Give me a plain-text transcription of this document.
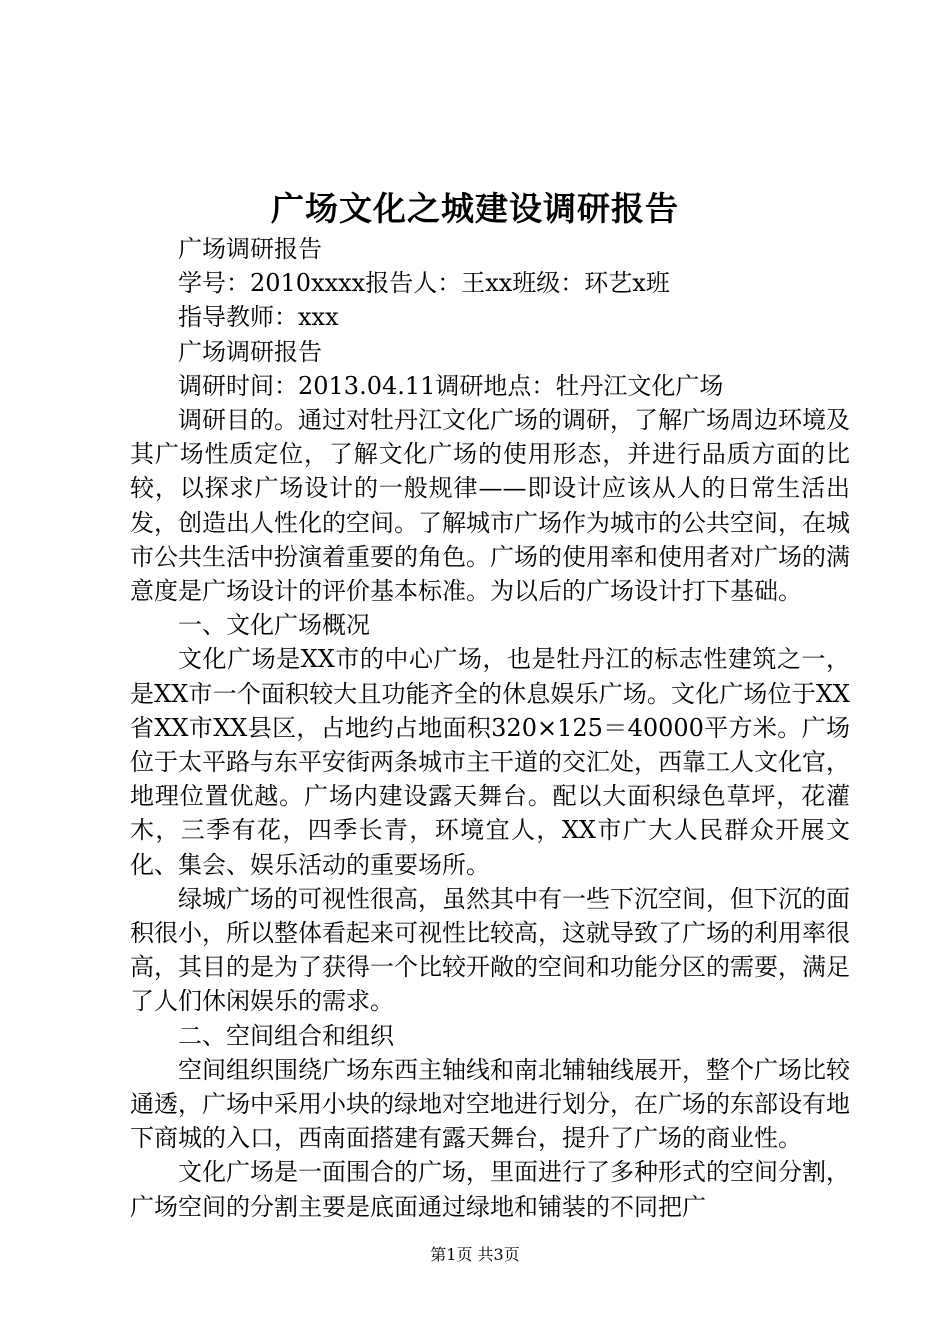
广场文化之城建设调研报告

广场调研报告

学号：2010xxxx报告人：王xx班级：环艺x班

指导教师：xxx

广场调研报告

调研时间：2013.04.11调研地点：牡丹江文化广场

调研目的。通过对牡丹江文化广场的调研，了解广场周边环境及其广场性质定位，了解文化广场的使用形态，并进行品质方面的比较，以探求广场设计的一般规律——即设计应该从人的日常生活出发，创造出人性化的空间。了解城市广场作为城市的公共空间，在城市公共生活中扮演着重要的角色。广场的使用率和使用者对广场的满意度是广场设计的评价基本标准。为以后的广场设计打下基础。

一、文化广场概况

文化广场是XX市的中心广场，也是牡丹江的标志性建筑之一，是XX市一个面积较大且功能齐全的休息娱乐广场。文化广场位于XX省XX市XX县区，占地约占地面积320×125＝40000平方米。广场位于太平路与东平安街两条城市主干道的交汇处，西靠工人文化官，地理位置优越。广场内建设露天舞台。配以大面积绿色草坪，花灌木，三季有花，四季长青，环境宜人，XX市广大人民群众开展文化、集会、娱乐活动的重要场所。

绿城广场的可视性很高，虽然其中有一些下沉空间，但下沉的面积很小，所以整体看起来可视性比较高，这就导致了广场的利用率很高，其目的是为了获得一个比较开敞的空间和功能分区的需要，满足了人们休闲娱乐的需求。

二、空间组合和组织

空间组织围绕广场东西主轴线和南北辅轴线展开，整个广场比较通透，广场中采用小块的绿地对空地进行划分，在广场的东部设有地下商城的入口，西南面搭建有露天舞台，提升了广场的商业性。

文化广场是一面围合的广场，里面进行了多种形式的空间分割，广场空间的分割主要是底面通过绿地和铺装的不同把广

第1页 共3页
